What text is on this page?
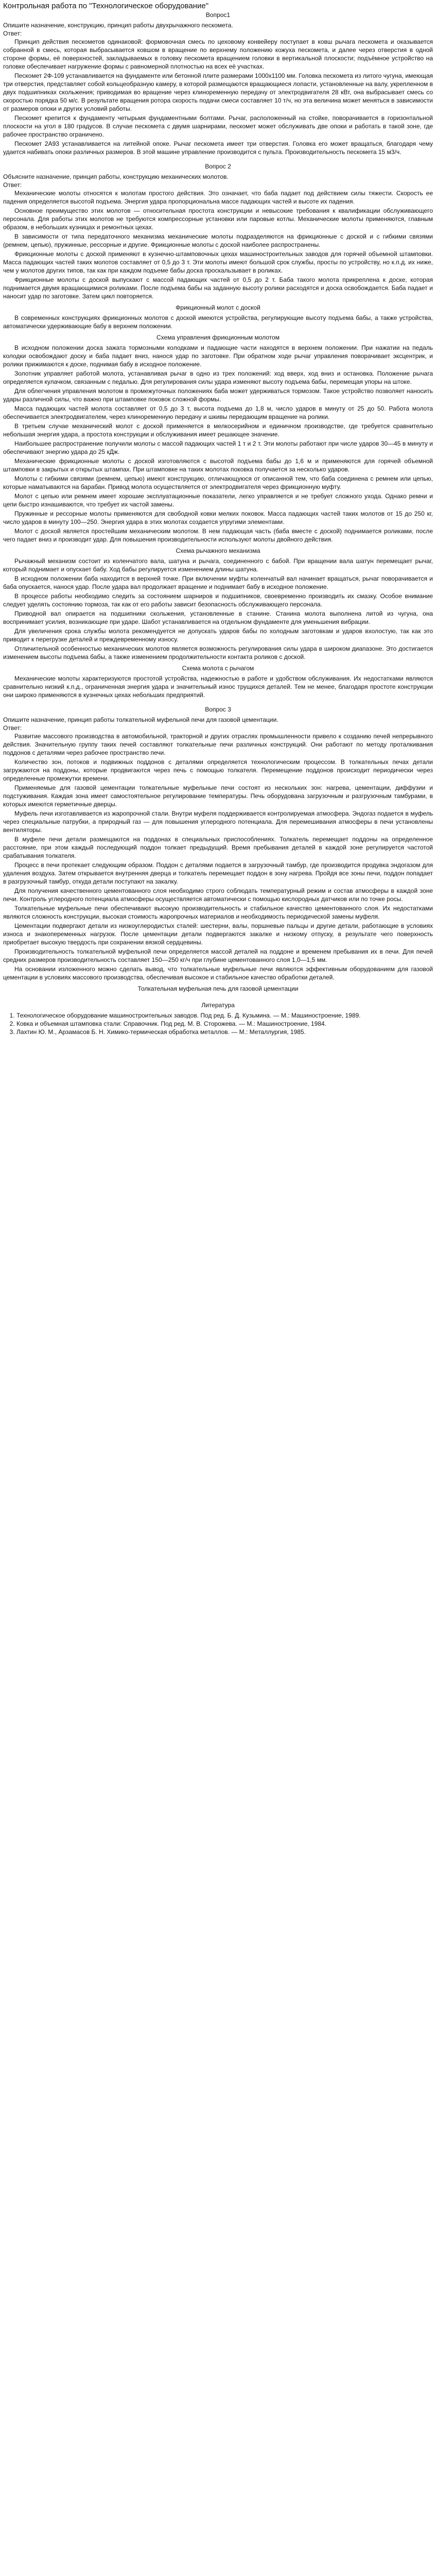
Контрольная работа по "Технологическое оборудование"
Вопрос1

Опишите назначение, конструкцию, принцип работы двухрычажного пескомета.

Ответ:

Принцип действия пескометов одинаковой: формовочная смесь по цеховому конвейеру поступает в ковш рычага пескомета и оказывается собранной в смесь, которая выбрасывается ковшом в вращение по верхнему положению кожуха пескомета, и далее через отверстия в одной стороне формы, её поверхностей, закладываемых в головку пескомета вращением головки в вертикальной плоскости; подъёмное устройство на головке обеспечивает нагружение формы с равномерной плотностью на всех её участках.

Пескомет 2Ф-109 устанавливается на фундаменте или бетонной плите размерами 1000x1100 мм. Головка пескомета из литого чугуна, имеющая три отверстия, представляет собой кольцеобразную камеру, в которой размещаются вращающиеся лопасти, установленные на валу, укрепленном в двух подшипниках скольжения; приводимая во вращение через клиноременную передачу от электродвигателя 28 кВт, она выбрасывает смесь со скоростью порядка 50 м/с. В результате вращения ротора скорость подачи смеси составляет 10 т/ч, но эта величина может меняться в зависимости от размеров опоки и других условий работы.

Пескомет крепится к фундаменту четырьмя фундаментными болтами. Рычаг, расположенный на стойке, поворачивается в горизонтальной плоскости на угол в 180 градусов. В случае пескомета с двумя шарнирами, пескомет может обслуживать две опоки и работать в такой зоне, где рабочее пространство ограничено.

Пескомет 2А93 устанавливается на литейной опоке. Рычаг пескомета имеет три отверстия. Головка его может вращаться, благодаря чему удается набивать опоки различных размеров. В этой машине управление производится с пульта. Производительность пескомета 15 м3/ч.

Вопрос 2

Объясните назначение, принцип работы, конструкцию механических молотов.

Ответ:

Механические молоты относятся к молотам простого действия. Это означает, что баба падает под действием силы тяжести. Скорость ее падения определяется высотой подъема. Энергия удара пропорциональна массе падающих частей и высоте их падения.

Основное преимущество этих молотов — относительная простота конструкции и невысокие требования к квалификации обслуживающего персонала. Для работы этих молотов не требуются компрессорные установки или паровые котлы. Механические молоты применяются, главным образом, в небольших кузницах и ремонтных цехах.

В зависимости от типа передаточного механизма механические молоты подразделяются на фрикционные с доской и с гибкими связями (ремнем, цепью), пружинные, рессорные и другие. Фрикционные молоты с доской наиболее распространены.

Фрикционные молоты с доской применяют в кузнечно-штамповочных цехах машиностроительных заводов для горячей объемной штамповки. Масса падающих частей таких молотов составляет от 0,5 до 3 т. Эти молоты имеют большой срок службы, просты по устройству, но к.п.д. их ниже, чем у молотов других типов, так как при каждом подъеме бабы доска проскальзывает в роликах.

Фрикционные молоты с доской выпускают с массой падающих частей от 0,5 до 2 т. Баба такого молота прикреплена к доске, которая поднимается двумя вращающимися роликами. После подъема бабы на заданную высоту ролики расходятся и доска освобождается. Баба падает и наносит удар по заготовке. Затем цикл повторяется.

Фрикционный молот с доской

В современных конструкциях фрикционных молотов с доской имеются устройства, регулирующие высоту подъема бабы, а также устройства, автоматически удерживающие бабу в верхнем положении.

Схема управления фрикционным молотом

В исходном положении доска зажата тормозными колодками и падающие части находятся в верхнем положении. При нажатии на педаль колодки освобождают доску и баба падает вниз, нанося удар по заготовке. При обратном ходе рычаг управления поворачивает эксцентрик, и ролики прижимаются к доске, поднимая бабу в исходное положение.

Золотник управляет работой молота, устанавливая рычаг в одно из трех положений: ход вверх, ход вниз и остановка. Положение рычага определяется кулачком, связанным с педалью. Для регулирования силы удара изменяют высоту подъема бабы, перемещая упоры на штоке.

Для облегчения управления молотом в промежуточных положениях баба может удерживаться тормозом. Такое устройство позволяет наносить удары различной силы, что важно при штамповке поковок сложной формы.

Масса падающих частей молота составляет от 0,5 до 3 т, высота подъема до 1,8 м, число ударов в минуту от 25 до 50. Работа молота обеспечивается электродвигателем, через клиноременную передачу и шкивы передающим вращение на ролики.

В третьем случае механический молот с доской применяется в мелкосерийном и единичном производстве, где требуется сравнительно небольшая энергия удара, а простота конструкции и обслуживания имеет решающее значение.

Наибольшее распространение получили молоты с массой падающих частей 1 т и 2 т. Эти молоты работают при числе ударов 30—45 в минуту и обеспечивают энергию удара до 25 кДж.

Механические фрикционные молоты с доской изготовляются с высотой подъема бабы до 1,6 м и применяются для горячей объемной штамповки в закрытых и открытых штампах. При штамповке на таких молотах поковка получается за несколько ударов.

Молоты с гибкими связями (ремнем, цепью) имеют конструкцию, отличающуюся от описанной тем, что баба соединена с ремнем или цепью, которые наматываются на барабан. Привод молота осуществляется от электродвигателя через фрикционную муфту.

Молот с цепью или ремнем имеет хорошие эксплуатационные показатели, легко управляется и не требует сложного ухода. Однако ремни и цепи быстро изнашиваются, что требует их частой замены.

Пружинные и рессорные молоты применяются для свободной ковки мелких поковок. Масса падающих частей таких молотов от 15 до 250 кг, число ударов в минуту 100—250. Энергия удара в этих молотах создается упругими элементами.

Молот с доской является простейшим механическим молотом. В нем падающая часть (баба вместе с доской) поднимается роликами, после чего падает вниз и производит удар. Для повышения производительности используют молоты двойного действия.

Схема рычажного механизма

Рычажный механизм состоит из коленчатого вала, шатуна и рычага, соединенного с бабой. При вращении вала шатун перемещает рычаг, который поднимает и опускает бабу. Ход бабы регулируется изменением длины шатуна.

В исходном положении баба находится в верхней точке. При включении муфты коленчатый вал начинает вращаться, рычаг поворачивается и баба опускается, нанося удар. После удара вал продолжает вращение и поднимает бабу в исходное положение.

В процессе работы необходимо следить за состоянием шарниров и подшипников, своевременно производить их смазку. Особое внимание следует уделять состоянию тормоза, так как от его работы зависит безопасность обслуживающего персонала.

Приводной вал опирается на подшипники скольжения, установленные в станине. Станина молота выполнена литой из чугуна, она воспринимает усилия, возникающие при ударе. Шабот устанавливается на отдельном фундаменте для уменьшения вибрации.

Для увеличения срока службы молота рекомендуется не допускать ударов бабы по холодным заготовкам и ударов вхолостую, так как это приводит к перегрузке деталей и преждевременному износу.

Отличительной особенностью механических молотов является возможность регулирования силы удара в широком диапазоне. Это достигается изменением высоты подъема бабы, а также изменением продолжительности контакта роликов с доской.

Схема молота с рычагом

Механические молоты характеризуются простотой устройства, надежностью в работе и удобством обслуживания. Их недостатками являются сравнительно низкий к.п.д., ограниченная энергия удара и значительный износ трущихся деталей. Тем не менее, благодаря простоте конструкции они широко применяются в кузнечных цехах небольших предприятий.

Вопрос 3

Опишите назначение, принцип работы толкательной муфельной печи для газовой цементации.

Ответ:

Развитие массового производства в автомобильной, тракторной и других отраслях промышленности привело к созданию печей непрерывного действия. Значительную группу таких печей составляют толкательные печи различных конструкций. Они работают по методу проталкивания поддонов с деталями через рабочее пространство печи.

Количество зон, потоков и подвижных поддонов с деталями определяется технологическим процессом. В толкательных печах детали загружаются на поддоны, которые продвигаются через печь с помощью толкателя. Перемещение поддонов происходит периодически через определенные промежутки времени.

Применяемые для газовой цементации толкательные муфельные печи состоят из нескольких зон: нагрева, цементации, диффузии и подстуживания. Каждая зона имеет самостоятельное регулирование температуры. Печь оборудована загрузочным и разгрузочным тамбурами, в которых имеются герметичные дверцы.

Муфель печи изготавливается из жаропрочной стали. Внутри муфеля поддерживается контролируемая атмосфера. Эндогаз подается в муфель через специальные патрубки, а природный газ — для повышения углеродного потенциала. Для перемешивания атмосферы в печи установлены вентиляторы.

В муфеле печи детали размещаются на поддонах в специальных приспособлениях. Толкатель перемещает поддоны на определенное расстояние, при этом каждый последующий поддон толкает предыдущий. Время пребывания деталей в каждой зоне регулируется частотой срабатывания толкателя.

Процесс в печи протекает следующим образом. Поддон с деталями подается в загрузочный тамбур, где производится продувка эндогазом для удаления воздуха. Затем открывается внутренняя дверца и толкатель перемещает поддон в зону нагрева. Пройдя все зоны печи, поддон попадает в разгрузочный тамбур, откуда детали поступают на закалку.

Для получения качественного цементованного слоя необходимо строго соблюдать температурный режим и состав атмосферы в каждой зоне печи. Контроль углеродного потенциала атмосферы осуществляется автоматически с помощью кислородных датчиков или по точке росы.

Толкательные муфельные печи обеспечивают высокую производительность и стабильное качество цементованного слоя. Их недостатками являются сложность конструкции, высокая стоимость жаропрочных материалов и необходимость периодической замены муфеля.

Цементации подвергают детали из низкоуглеродистых сталей: шестерни, валы, поршневые пальцы и другие детали, работающие в условиях износа и знакопеременных нагрузок. После цементации детали подвергаются закалке и низкому отпуску, в результате чего поверхность приобретает высокую твердость при сохранении вязкой сердцевины.

Производительность толкательной муфельной печи определяется массой деталей на поддоне и временем пребывания их в печи. Для печей средних размеров производительность составляет 150—250 кг/ч при глубине цементованного слоя 1,0—1,5 мм.

На основании изложенного можно сделать вывод, что толкательные муфельные печи являются эффективным оборудованием для газовой цементации в условиях массового производства, обеспечивая высокое и стабильное качество обработки деталей.

Толкательная муфельная печь для газовой цементации
Литература
1. Технологическое оборудование машиностроительных заводов. Под ред. Б. Д. Кузьмина. — М.: Машиностроение, 1989.
2. Ковка и объемная штамповка стали: Справочник. Под ред. М. В. Сторожева. — М.: Машиностроение, 1984.
3. Лахтин Ю. М., Арзамасов Б. Н. Химико-термическая обработка металлов. — М.: Металлургия, 1985.
